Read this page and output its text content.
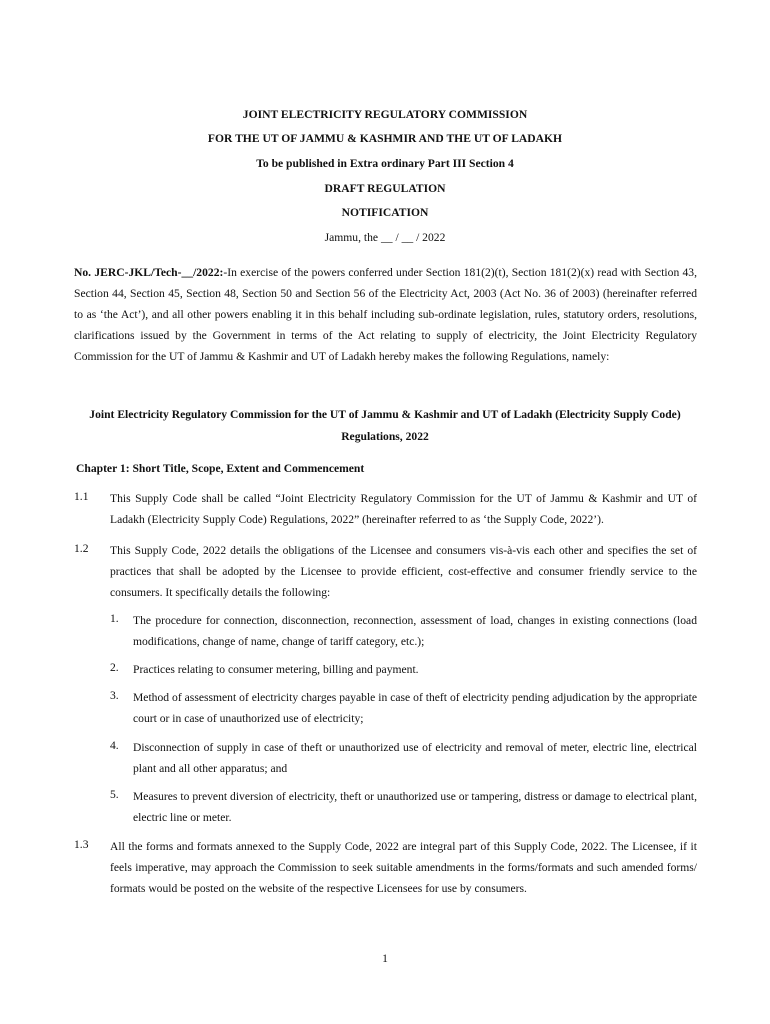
JOINT ELECTRICITY REGULATORY COMMISSION
FOR THE UT OF JAMMU & KASHMIR AND THE UT OF LADAKH
To be published in Extra ordinary Part III Section 4
DRAFT REGULATION
NOTIFICATION
Jammu, the __ / __ / 2022
No. JERC-JKL/Tech-__/2022:-In exercise of the powers conferred under Section 181(2)(t), Section 181(2)(x) read with Section 43, Section 44, Section 45, Section 48, Section 50 and Section 56 of the Electricity Act, 2003 (Act No. 36 of 2003) (hereinafter referred to as ‘the Act’), and all other powers enabling it in this behalf including sub-ordinate legislation, rules, statutory orders, resolutions, clarifications issued by the Government in terms of the Act relating to supply of electricity, the Joint Electricity Regulatory Commission for the UT of Jammu & Kashmir and UT of Ladakh hereby makes the following Regulations, namely:
Joint Electricity Regulatory Commission for the UT of Jammu & Kashmir and UT of Ladakh (Electricity Supply Code) Regulations, 2022
Chapter 1: Short Title, Scope, Extent and Commencement
1.1 This Supply Code shall be called “Joint Electricity Regulatory Commission for the UT of Jammu & Kashmir and UT of Ladakh (Electricity Supply Code) Regulations, 2022” (hereinafter referred to as ‘the Supply Code, 2022’).
1.2 This Supply Code, 2022 details the obligations of the Licensee and consumers vis-à-vis each other and specifies the set of practices that shall be adopted by the Licensee to provide efficient, cost-effective and consumer friendly service to the consumers. It specifically details the following:
1. The procedure for connection, disconnection, reconnection, assessment of load, changes in existing connections (load modifications, change of name, change of tariff category, etc.);
2. Practices relating to consumer metering, billing and payment.
3. Method of assessment of electricity charges payable in case of theft of electricity pending adjudication by the appropriate court or in case of unauthorized use of electricity;
4. Disconnection of supply in case of theft or unauthorized use of electricity and removal of meter, electric line, electrical plant and all other apparatus; and
5. Measures to prevent diversion of electricity, theft or unauthorized use or tampering, distress or damage to electrical plant, electric line or meter.
1.3 All the forms and formats annexed to the Supply Code, 2022 are integral part of this Supply Code, 2022. The Licensee, if it feels imperative, may approach the Commission to seek suitable amendments in the forms/formats and such amended forms/ formats would be posted on the website of the respective Licensees for use by consumers.
1
